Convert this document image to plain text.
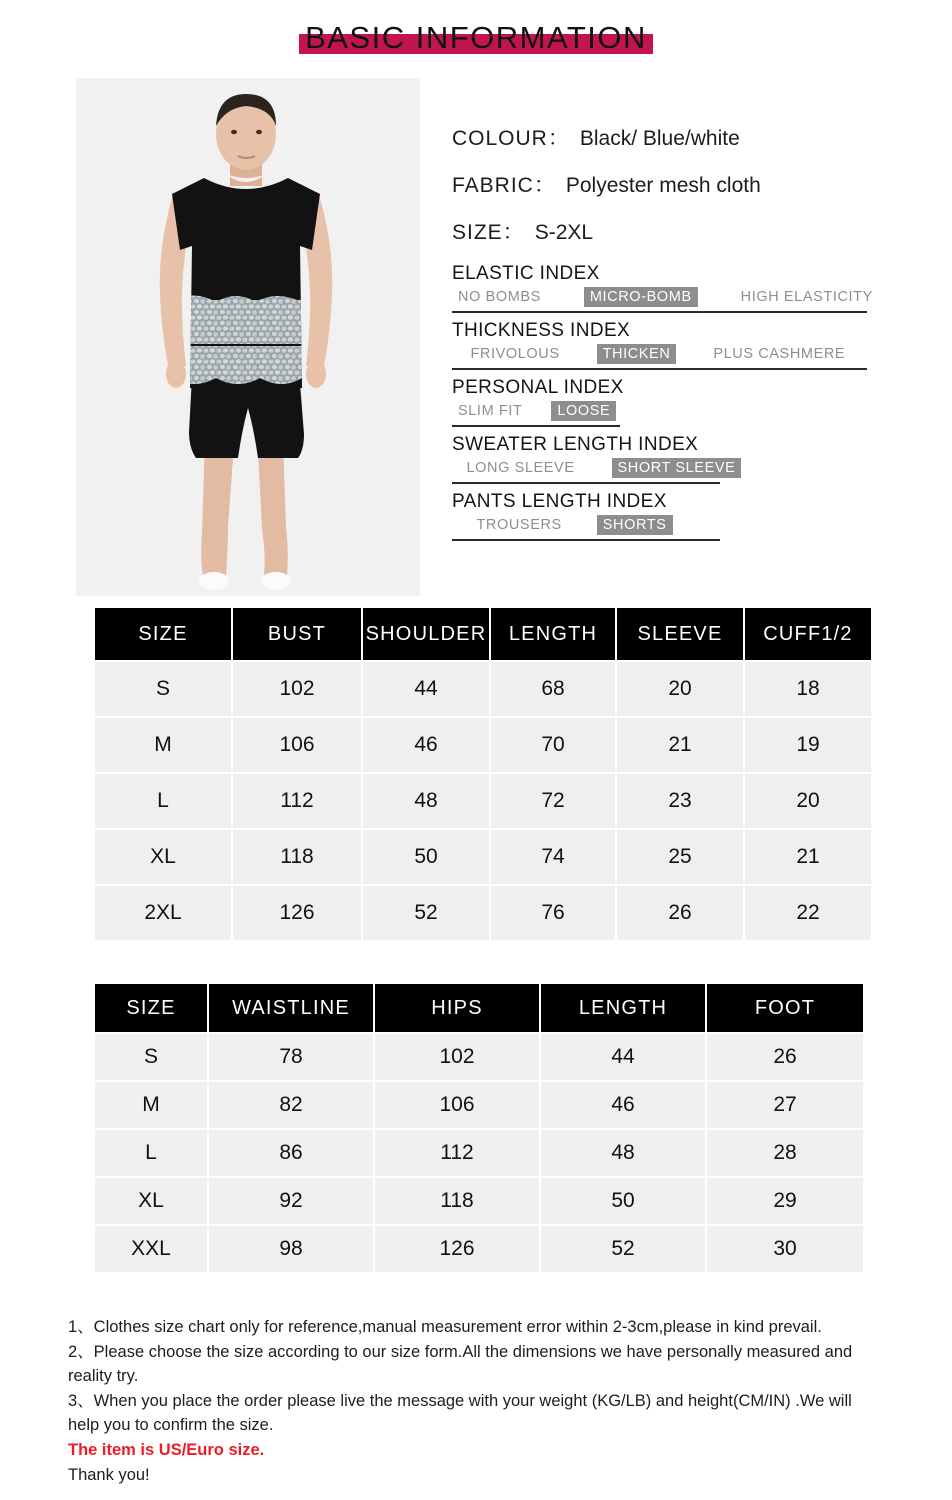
BASIC INFORMATION
COLOUR： Black/ Blue/white
FABRIC： Polyester mesh cloth
SIZE： S-2XL
ELASTIC INDEX
NO BOMBS	MICRO-BOMB	HIGH ELASTICITY
THICKNESS INDEX
FRIVOLOUS	THICKEN	PLUS CASHMERE
PERSONAL INDEX
SLIM FIT LOOSE
SWEATER LENGTH INDEX
LONG SLEEVE	SHORT SLEEVE
PANTS LENGTH INDEX
TROUSERS	SHORTS
SIZE	BUST	SHOULDER	LENGTH	SLEEVE	CUFF1/2
S	102	44	68	20	18
M	106	46	70	21	19
L	112	48	72	23	20
XL	118	50	74	25	21
2XL	126	52	76	26	22
SIZE	WAISTLINE	HIPS	LENGTH	FOOT
S	78	102	44	26
M	82	106	46	27
L	86	112	48	28
XL	92	118	50	29
XXL	98	126	52	30

1、Clothes size chart only for reference,manual measurement error within 2-3cm,please in kind prevail.

2、Please choose the size according to our size form.All the dimensions we have personally measured and reality try.

3、When you place the order please live the message with your weight (KG/LB) and height(CM/IN) .We will help you to confirm the size.

The item is US/Euro size.

Thank you!
